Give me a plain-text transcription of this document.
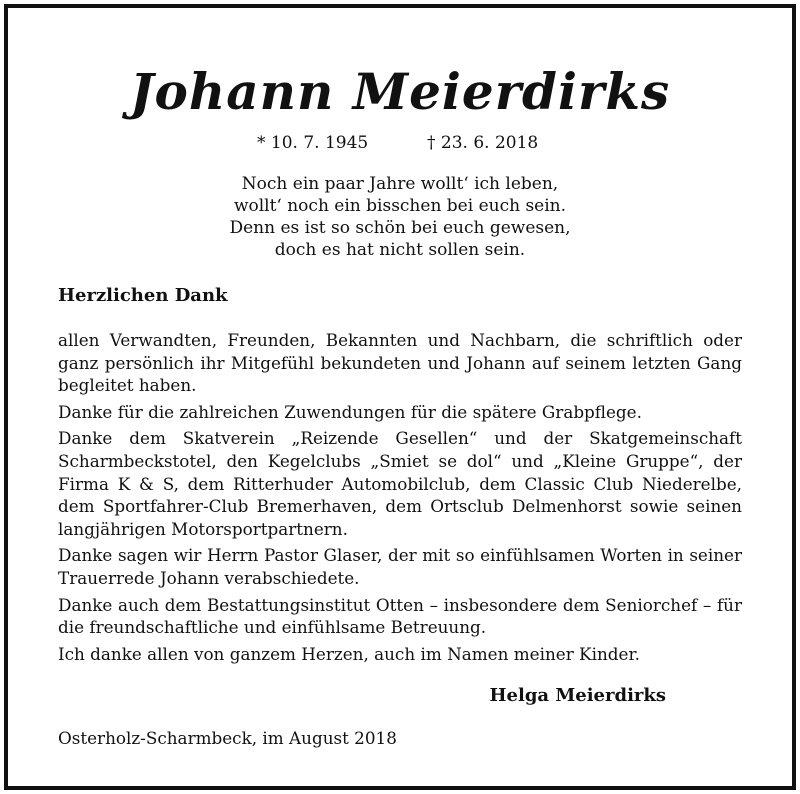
Johann Meierdirks
* 10. 7. 1945	† 23. 6. 2018
Noch ein paar Jahre wollt‘ ich leben,
wollt‘ noch ein bisschen bei euch sein.
Denn es ist so schön bei euch gewesen,
doch es hat nicht sollen sein.
Herzlichen Dank

allen Verwandten, Freunden, Bekannten und Nachbarn, die schriftlich oder ganz persönlich ihr Mitgefühl bekundeten und Johann auf seinem letzten Gang begleitet haben.

Danke für die zahlreichen Zuwendungen für die spätere Grabpflege.

Danke dem Skatverein „Reizende Gesellen“ und der Skatgemeinschaft Scharmbeckstotel, den Kegelclubs „Smiet se dol“ und „Kleine Gruppe“, der Firma K & S, dem Ritterhuder Automobilclub, dem Classic Club Niederelbe, dem Sportfahrer-Club Bremerhaven, dem Ortsclub Delmenhorst sowie seinen langjährigen Motorsportpartnern.

Danke sagen wir Herrn Pastor Glaser, der mit so einfühlsamen Worten in seiner Trauerrede Johann verabschiedete.

Danke auch dem Bestattungsinstitut Otten – insbesondere dem Seniorchef – für die freundschaftliche und einfühlsame Betreuung.

Ich danke allen von ganzem Herzen, auch im Namen meiner Kinder.

Helga Meierdirks
Osterholz-Scharmbeck, im August 2018
